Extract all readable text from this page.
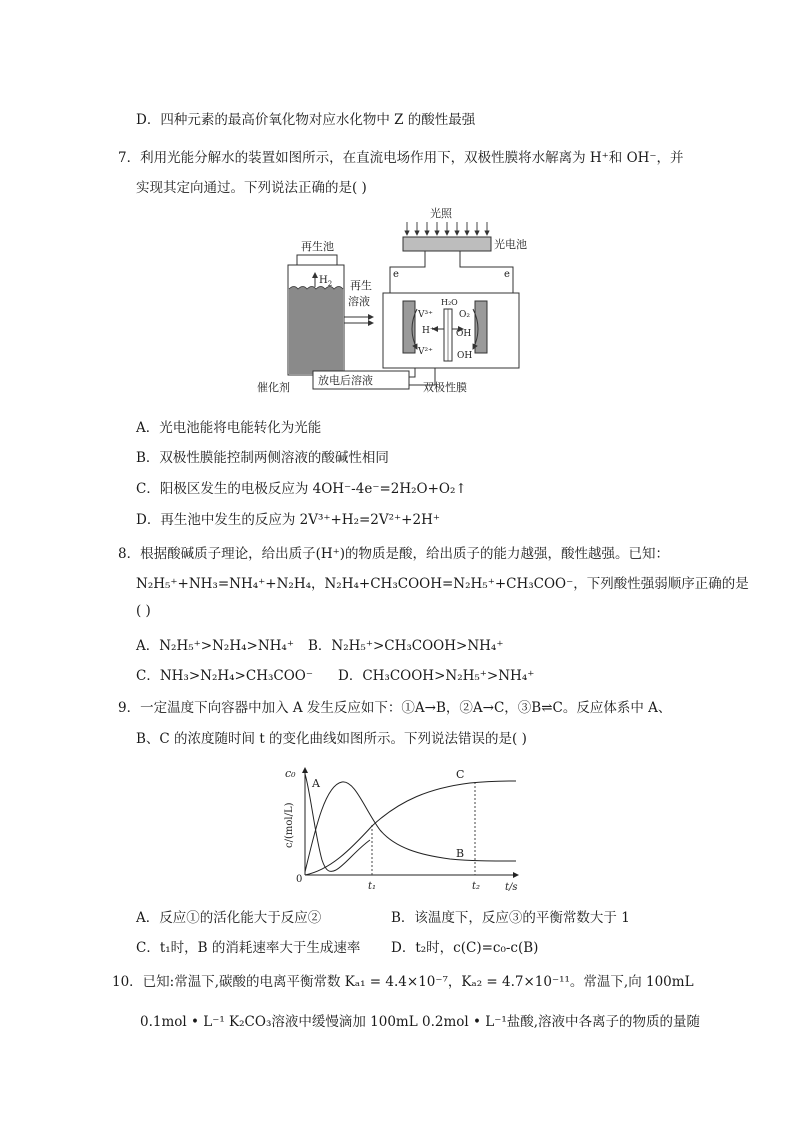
D．四种元素的最高价氧化物对应水化物中 Z 的酸性最强
7．利用光能分解水的装置如图所示，在直流电场作用下，双极性膜将水解离为 H⁺和 OH⁻，并
实现其定向通过。下列说法正确的是( )
光照
光电池
再生池
$H_2$ 再生
溶液
e	e
V³⁺
V²⁺
H⁺
H₂O
O₂
OH
OH
放电后溶液
催化剂	双极性膜
A．光电池能将电能转化为光能
B．双极性膜能控制两侧溶液的酸碱性相同
C．阳极区发生的电极反应为 4OH⁻-4e⁻=2H₂O+O₂↑
D．再生池中发生的反应为 2V³⁺+H₂=2V²⁺+2H⁺
8．根据酸碱质子理论，给出质子(H⁺)的物质是酸，给出质子的能力越强，酸性越强。已知：
N₂H₅⁺+NH₃=NH₄⁺+N₂H₄，N₂H₄+CH₃COOH=N₂H₅⁺+CH₃COO⁻，下列酸性强弱顺序正确的是
( )
A．N₂H₅⁺>N₂H₄>NH₄⁺ B．N₂H₅⁺>CH₃COOH>NH₄⁺
C．NH₃>N₂H₄>CH₃COO⁻ D．CH₃COOH>N₂H₅⁺>NH₄⁺
9．一定温度下向容器中加入 A 发生反应如下：①A→B，②A→C，③B⇌C。反应体系中 A、
B、C 的浓度随时间 t 的变化曲线如图所示。下列说法错误的是( )
c₀
c/(mol/L)
0
t₁	t₂ t/s
A
B
C
A．反应①的活化能大于反应②	B．该温度下，反应③的平衡常数大于 1
C．t₁时，B 的消耗速率大于生成速率 D．t₂时，c(C)=c₀-c(B)
10．已知:常温下,碳酸的电离平衡常数 Kₐ₁ = 4.4×10⁻⁷，Kₐ₂ = 4.7×10⁻¹¹。常温下,向 100mL
0.1mol • L⁻¹ K₂CO₃溶液中缓慢滴加 100mL 0.2mol • L⁻¹盐酸,溶液中各离子的物质的量随
